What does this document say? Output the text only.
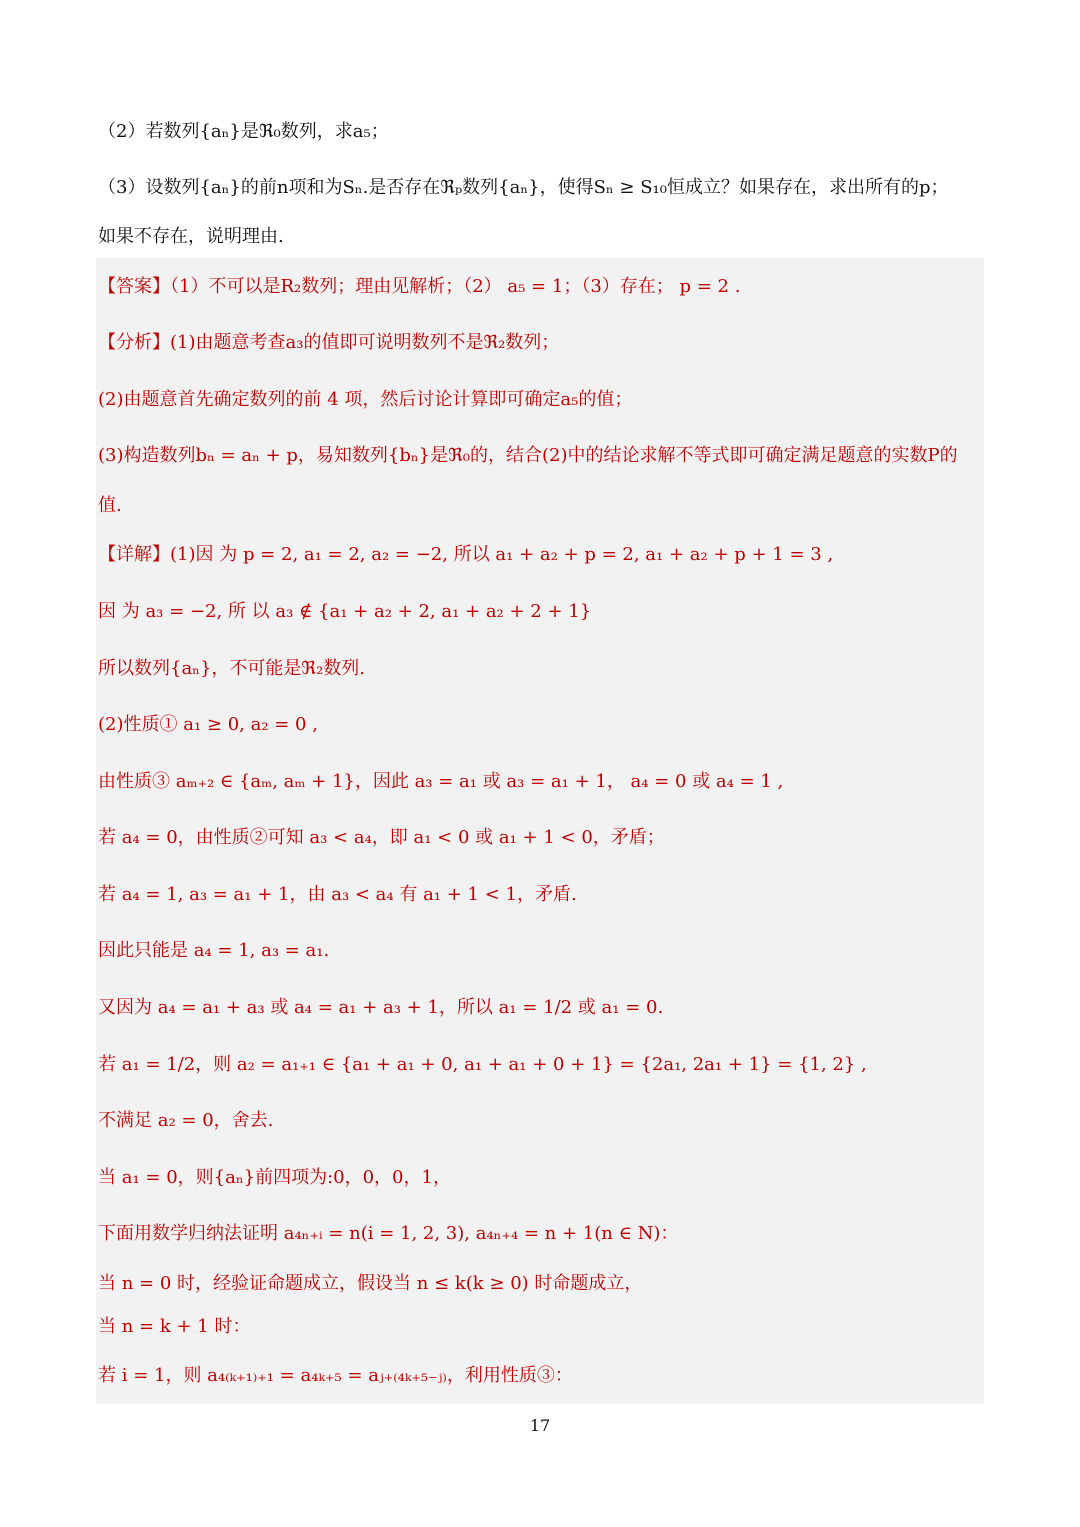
（2）若数列{aₙ}是ℜ₀数列，求a₅；
（3）设数列{aₙ}的前n项和为Sₙ.是否存在ℜₚ数列{aₙ}，使得Sₙ ≥ S₁₀恒成立？如果存在，求出所有的p；
如果不存在，说明理由.
【答案】（1）不可以是R₂数列；理由见解析；（2） a₅ = 1；（3）存在； p = 2 .
【分析】(1)由题意考查a₃的值即可说明数列不是ℜ₂数列；
(2)由题意首先确定数列的前 4 项，然后讨论计算即可确定a₅的值；
(3)构造数列bₙ = aₙ + p，易知数列{bₙ}是ℜ₀的，结合(2)中的结论求解不等式即可确定满足题意的实数P的
值.
【详解】(1)因 为 p = 2, a₁ = 2, a₂ = −2, 所以 a₁ + a₂ + p = 2, a₁ + a₂ + p + 1 = 3 ,
因 为 a₃ = −2, 所 以 a₃ ∉ {a₁ + a₂ + 2, a₁ + a₂ + 2 + 1}
所以数列{aₙ}，不可能是ℜ₂数列.
(2)性质① a₁ ≥ 0, a₂ = 0 ,
由性质③ aₘ₊₂ ∈ {aₘ, aₘ + 1}，因此 a₃ = a₁ 或 a₃ = a₁ + 1， a₄ = 0 或 a₄ = 1 ,
若 a₄ = 0，由性质②可知 a₃ < a₄，即 a₁ < 0 或 a₁ + 1 < 0，矛盾；
若 a₄ = 1, a₃ = a₁ + 1，由 a₃ < a₄ 有 a₁ + 1 < 1，矛盾.
因此只能是 a₄ = 1, a₃ = a₁.
又因为 a₄ = a₁ + a₃ 或 a₄ = a₁ + a₃ + 1，所以 a₁ = 1/2 或 a₁ = 0.
若 a₁ = 1/2，则 a₂ = a₁₊₁ ∈ {a₁ + a₁ + 0, a₁ + a₁ + 0 + 1} = {2a₁, 2a₁ + 1} = {1, 2} ,
不满足 a₂ = 0，舍去.
当 a₁ = 0，则{aₙ}前四项为:0，0，0，1，
下面用数学归纳法证明 a₄ₙ₊ᵢ = n(i = 1, 2, 3), a₄ₙ₊₄ = n + 1(n ∈ N)：
当 n = 0 时，经验证命题成立，假设当 n ≤ k(k ≥ 0) 时命题成立，
当 n = k + 1 时：
若 i = 1，则 a₄₍ₖ₊₁₎₊₁ = a₄ₖ₊₅ = aⱼ₊₍₄ₖ₊₅₋ⱼ₎，利用性质③：
17
